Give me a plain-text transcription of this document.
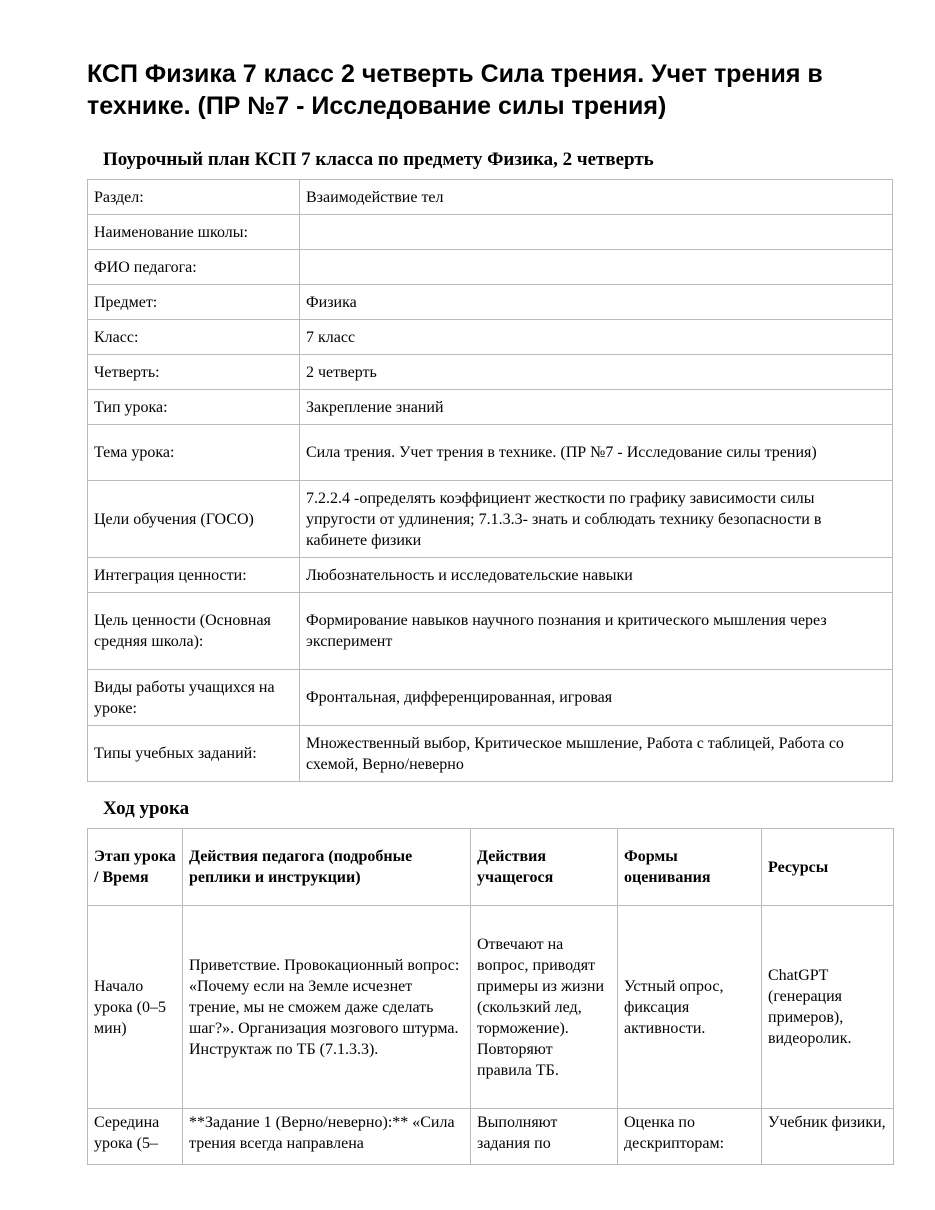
КСП Физика 7 класс 2 четверть Сила трения. Учет трения в технике. (ПР №7 - Исследование силы трения)
Поурочный план КСП 7 класса по предмету Физика, 2 четверть
Раздел:	Взаимодействие тел
Наименование школы:	
ФИО педагога:	
Предмет:	Физика
Класс:	7 класс
Четверть:	2 четверть
Тип урока:	Закрепление знаний
Тема урока:	Сила трения. Учет трения в технике. (ПР №7 - Исследование силы трения)
Цели обучения (ГОСО)	7.2.2.4 -определять коэффициент жесткости по графику зависимости силы упругости от удлинения; 7.1.3.3- знать и соблюдать технику безопасности в кабинете физики
Интеграция ценности:	Любознательность и исследовательские навыки
Цель ценности (Основная средняя школа):	Формирование навыков научного познания и критического мышления через эксперимент
Виды работы учащихся на уроке:	Фронтальная, дифференцированная, игровая
Типы учебных заданий:	Множественный выбор, Критическое мышление, Работа с таблицей, Работа со схемой, Верно/неверно
Ход урока
Этап урока / Время	Действия педагога (подробные реплики и инструкции)	Действия учащегося	Формы оценивания	Ресурсы
Начало урока (0–5 мин)	Приветствие. Провокационный вопрос: «Почему если на Земле исчезнет трение, мы не сможем даже сделать шаг?». Организация мозгового штурма. Инструктаж по ТБ (7.1.3.3).	Отвечают на вопрос, приводят примеры из жизни (скользкий лед, торможение). Повторяют правила ТБ.	Устный опрос, фиксация активности.	ChatGPT (генерация примеров), видеоролик.
Середина урока (5–	**Задание 1 (Верно/неверно):** «Сила трения всегда направлена	Выполняют задания по	Оценка по дескрипторам:	Учебник физики,
